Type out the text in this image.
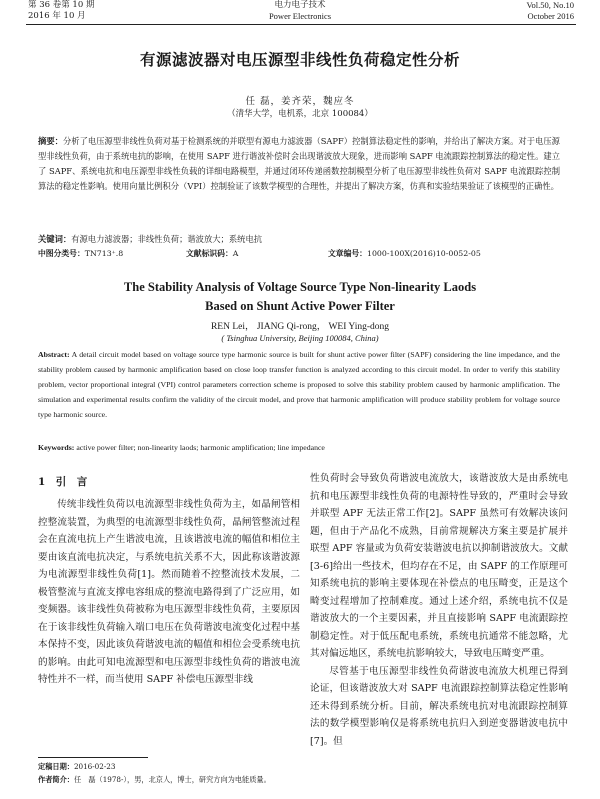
第 36 卷第 10 期
2016 年 10 月
电力电子技术
Power Electronics
Vol.50, No.10
October 2016
有源滤波器对电压源型非线性负荷稳定性分析
任 磊，姜齐荣，魏应冬
（清华大学，电机系，北京 100084）
摘要：分析了电压源型非线性负荷对基于检测系统的并联型有源电力滤波器（SAPF）控制算法稳定性的影响，并给出了解决方案。对于电压源型非线性负荷，由于系统电抗的影响，在使用 SAPF 进行谐波补偿时会出现谐波放大现象，进而影响 SAPF 电流跟踪控制算法的稳定性。建立了 SAPF、系统电抗和电压源型非线性负载的详细电路模型，并通过闭环传递函数控制模型分析了电压源型非线性负荷对 SAPF 电流跟踪控制算法的稳定性影响。使用向量比例积分（VPI）控制验证了该数学模型的合理性，并提出了解决方案，仿真和实验结果验证了该模型的正确性。
关键词：有源电力滤波器；非线性负荷；谐波放大；系统电抗
中图分类号：TN713⁺.8	文献标识码：A	文章编号：1000-100X(2016)10-0052-05
The Stability Analysis of Voltage Source Type Non-linearity Laods
Based on Shunt Active Power Filter
REN Lei， JIANG Qi-rong， WEI Ying-dong
( Tsinghua University, Beijing 100084, China)
Abstract: A detail circuit model based on voltage source type harmonic source is built for shunt active power filter (SAPF) considering the line impedance, and the stability problem caused by harmonic amplification based on close loop transfer function is analyzed according to this circuit model. In order to verify this stability problem, vector proportional integral (VPI) control parameters correction scheme is proposed to solve this stability problem caused by harmonic amplification. The simulation and experimental results confirm the validity of the circuit model, and prove that harmonic amplification will produce stability problem for voltage source type harmonic source.
Keywords: active power filter; non-linearity laods; harmonic amplification; line impedance
1　引　言
传统非线性负荷以电流源型非线性负荷为主，如晶闸管相控整流装置，为典型的电流源型非线性负荷，晶闸管整流过程会在直流电抗上产生谐波电流，且该谐波电流的幅值和相位主要由该直流电抗决定，与系统电抗关系不大，因此称该谐波源为电流源型非线性负荷[1]。然而随着不控整流技术发展，二极管整流与直流支撑电容组成的整流电路得到了广泛应用，如变频器。该非线性负荷被称为电压源型非线性负荷，主要原因在于该非线性负荷输入端口电压在负荷谐波电流变化过程中基本保持不变，因此该负荷谐波电流的幅值和相位会受系统电抗的影响。由此可知电流源型和电压源型非线性负荷的谐波电流特性并不一样，而当使用 SAPF 补偿电压源型非线

性负荷时会导致负荷谐波电流放大，该谐波放大是由系统电抗和电压源型非线性负荷的电源特性导致的，严重时会导致并联型 APF 无法正常工作[2]。SAPF 虽然可有效解决该问题，但由于产品化不成熟，目前常规解决方案主要是扩展并联型 APF 容量或为负荷安装谐波电抗以抑制谐波放大。文献[3-6]给出一些技术，但均存在不足，由 SAPF 的工作原理可知系统电抗的影响主要体现在补偿点的电压畸变，正是这个畸变过程增加了控制难度。通过上述介绍，系统电抗不仅是谐波放大的一个主要因素，并且直接影响 SAPF 电流跟踪控制稳定性。对于低压配电系统，系统电抗通常不能忽略，尤其对偏远地区，系统电抗影响较大，导致电压畸变严重。

尽管基于电压源型非线性负荷谐波电流放大机理已得到论证，但该谐波放大对 SAPF 电流跟踪控制算法稳定性影响还未得到系统分析。目前，解决系统电抗对电流跟踪控制算法的数学模型影响仅是将系统电抗归入到逆变器谐波电抗中[7]。但

定稿日期：2016-02-23
作者简介：任　磊（1978-），男，北京人，博士，研究方向为电能质量。
